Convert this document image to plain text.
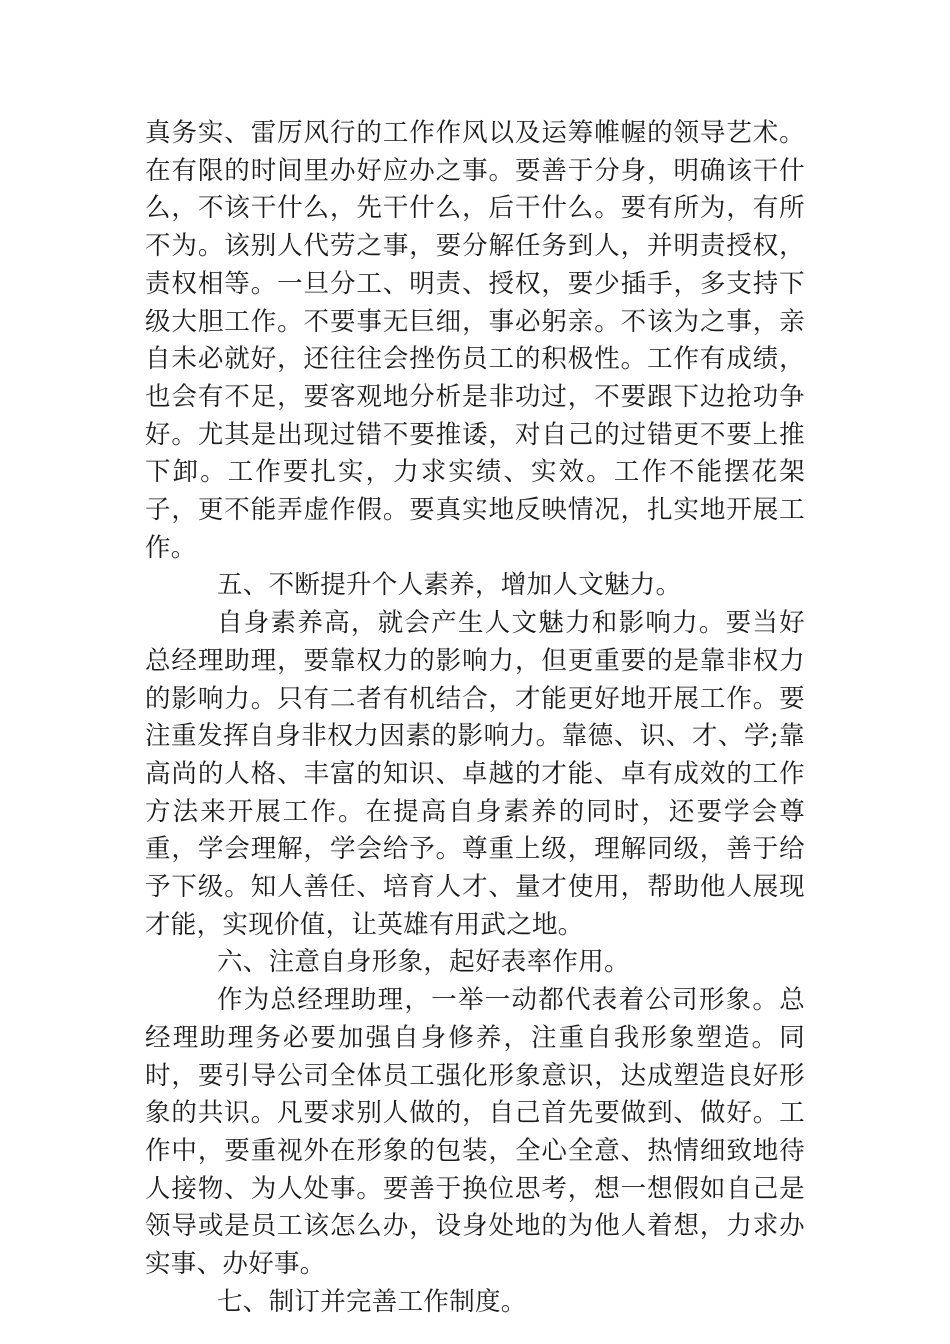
真务实、雷厉风行的工作作风以及运筹帷幄的领导艺术。在有限的时间里办好应办之事。要善于分身，明确该干什么，不该干什么，先干什么，后干什么。要有所为，有所不为。该别人代劳之事，要分解任务到人，并明责授权，责权相等。一旦分工、明责、授权，要少插手，多支持下级大胆工作。不要事无巨细，事必躬亲。不该为之事，亲自未必就好，还往往会挫伤员工的积极性。工作有成绩，也会有不足，要客观地分析是非功过，不要跟下边抢功争好。尤其是出现过错不要推诿，对自己的过错更不要上推下卸。工作要扎实，力求实绩、实效。工作不能摆花架子，更不能弄虚作假。要真实地反映情况，扎实地开展工作。

五、不断提升个人素养，增加人文魅力。

自身素养高，就会产生人文魅力和影响力。要当好总经理助理，要靠权力的影响力，但更重要的是靠非权力的影响力。只有二者有机结合，才能更好地开展工作。要注重发挥自身非权力因素的影响力。靠德、识、才、学;靠高尚的人格、丰富的知识、卓越的才能、卓有成效的工作方法来开展工作。在提高自身素养的同时，还要学会尊重，学会理解，学会给予。尊重上级，理解同级，善于给予下级。知人善任、培育人才、量才使用，帮助他人展现才能，实现价值，让英雄有用武之地。

六、注意自身形象，起好表率作用。

作为总经理助理，一举一动都代表着公司形象。总经理助理务必要加强自身修养，注重自我形象塑造。同时，要引导公司全体员工强化形象意识，达成塑造良好形象的共识。凡要求别人做的，自己首先要做到、做好。工作中，要重视外在形象的包装，全心全意、热情细致地待人接物、为人处事。要善于换位思考，想一想假如自己是领导或是员工该怎么办，设身处地的为他人着想，力求办实事、办好事。

七、制订并完善工作制度。
